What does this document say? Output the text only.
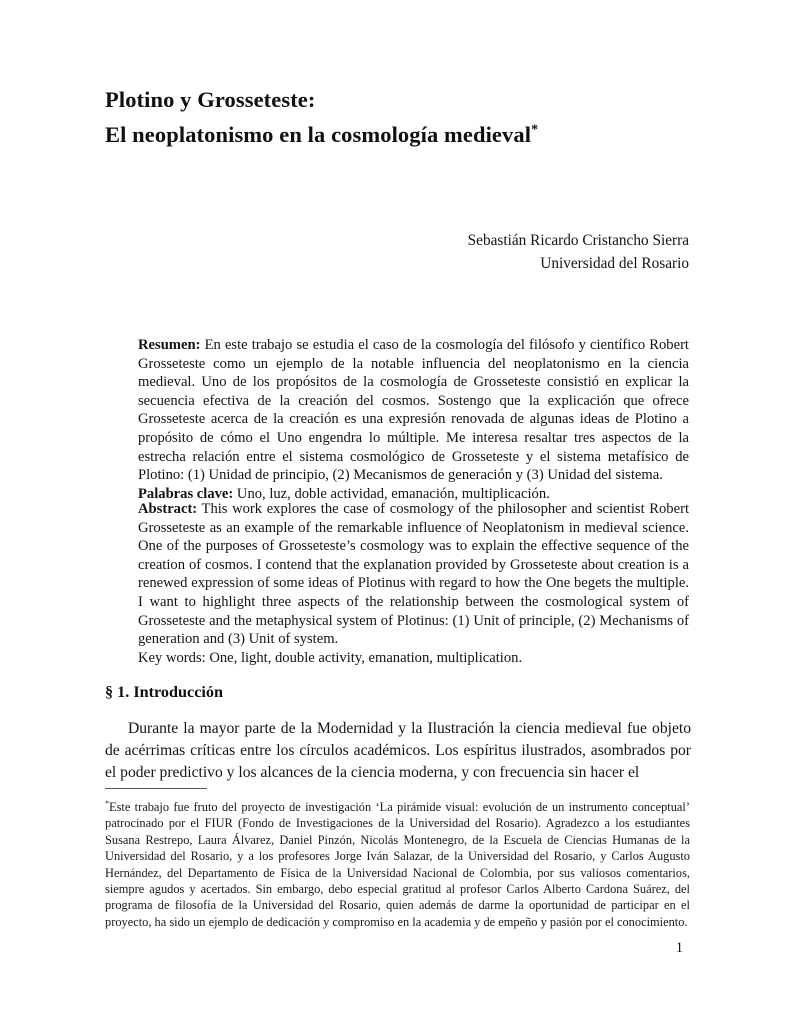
Plotino y Grosseteste:
El neoplatonismo en la cosmología medieval*
Sebastián Ricardo Cristancho Sierra
Universidad del Rosario

Resumen: En este trabajo se estudia el caso de la cosmología del filósofo y científico Robert Grosseteste como un ejemplo de la notable influencia del neoplatonismo en la ciencia medieval. Uno de los propósitos de la cosmología de Grosseteste consistió en explicar la secuencia efectiva de la creación del cosmos. Sostengo que la explicación que ofrece Grosseteste acerca de la creación es una expresión renovada de algunas ideas de Plotino a propósito de cómo el Uno engendra lo múltiple. Me interesa resaltar tres aspectos de la estrecha relación entre el sistema cosmológico de Grosseteste y el sistema metafísico de Plotino: (1) Unidad de principio, (2) Mecanismos de generación y (3) Unidad del sistema.

Palabras clave: Uno, luz, doble actividad, emanación, multiplicación.

Abstract: This work explores the case of cosmology of the philosopher and scientist Robert Grosseteste as an example of the remarkable influence of Neoplatonism in medieval science. One of the purposes of Grosseteste’s cosmology was to explain the effective sequence of the creation of cosmos. I contend that the explanation provided by Grosseteste about creation is a renewed expression of some ideas of Plotinus with regard to how the One begets the multiple. I want to highlight three aspects of the relationship between the cosmological system of Grosseteste and the metaphysical system of Plotinus: (1) Unit of principle, (2) Mechanisms of generation and (3) Unit of system.

Key words: One, light, double activity, emanation, multiplication.

§ 1. Introducción

Durante la mayor parte de la Modernidad y la Ilustración la ciencia medieval fue objeto de acérrimas críticas entre los círculos académicos. Los espíritus ilustrados, asombrados por el poder predictivo y los alcances de la ciencia moderna, y con frecuencia sin hacer el

*Este trabajo fue fruto del proyecto de investigación ‘La pirámide visual: evolución de un instrumento conceptual’ patrocinado por el FIUR (Fondo de Investigaciones de la Universidad del Rosario). Agradezco a los estudiantes Susana Restrepo, Laura Álvarez, Daniel Pinzón, Nicolás Montenegro, de la Escuela de Ciencias Humanas de la Universidad del Rosario, y a los profesores Jorge Iván Salazar, de la Universidad del Rosario, y Carlos Augusto Hernández, del Departamento de Física de la Universidad Nacional de Colombia, por sus valiosos comentarios, siempre agudos y acertados. Sin embargo, debo especial gratitud al profesor Carlos Alberto Cardona Suárez, del programa de filosofía de la Universidad del Rosario, quien además de darme la oportunidad de participar en el proyecto, ha sido un ejemplo de dedicación y compromiso en la academia y de empeño y pasión por el conocimiento.

1
